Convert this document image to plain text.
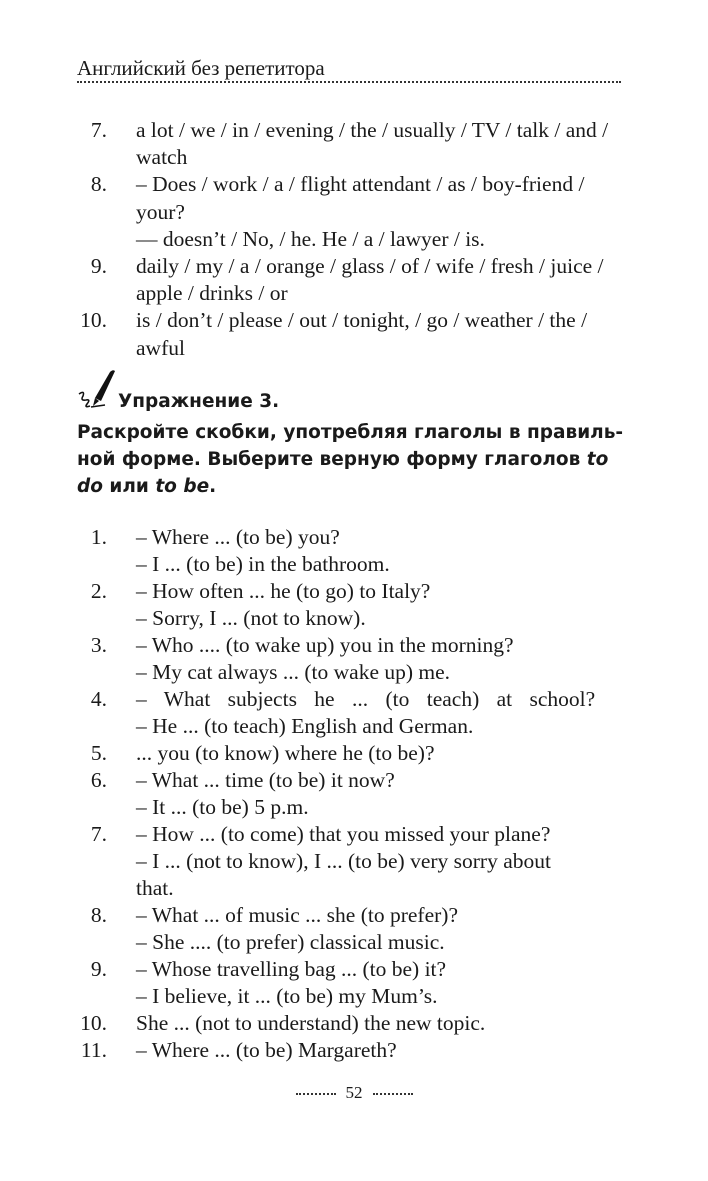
Английский без репетитора
7. a lot / we / in / evening / the / usually / TV / talk / and / watch
8. – Does / work / a / flight attendant / as / boy-friend / your?
— doesn’t / No, / he. He / a / lawyer / is.
9. daily / my / a / orange / glass / of / wife / fresh / juice / apple / drinks / or
10. is / don’t / please / out / tonight, / go / weather / the / awful
Упражнение 3.
Раскройте скобки, употребляя глаголы в правиль-
ной форме. Выберите верную форму глаголов to
do или to be.
1. – Where ... (to be) you?
– I ... (to be) in the bathroom.
2. – How often ... he (to go) to Italy?
– Sorry, I ... (not to know).
3. – Who .... (to wake up) you in the morning?
– My cat always ... (to wake up) me.
4. – What subjects he ... (to teach) at school?
– He ... (to teach) English and German.
5. ... you (to know) where he (to be)?
6. – What ... time (to be) it now?
– It ... (to be) 5 p.m.
7. – How ... (to come) that you missed your plane?
– I ... (not to know), I ... (to be) very sorry about
that.
8. – What ... of music ... she (to prefer)?
– She .... (to prefer) classical music.
9. – Whose travelling bag ... (to be) it?
– I believe, it ... (to be) my Mum’s.
10. She ... (not to understand) the new topic.
11. – Where ... (to be) Margareth?
52
